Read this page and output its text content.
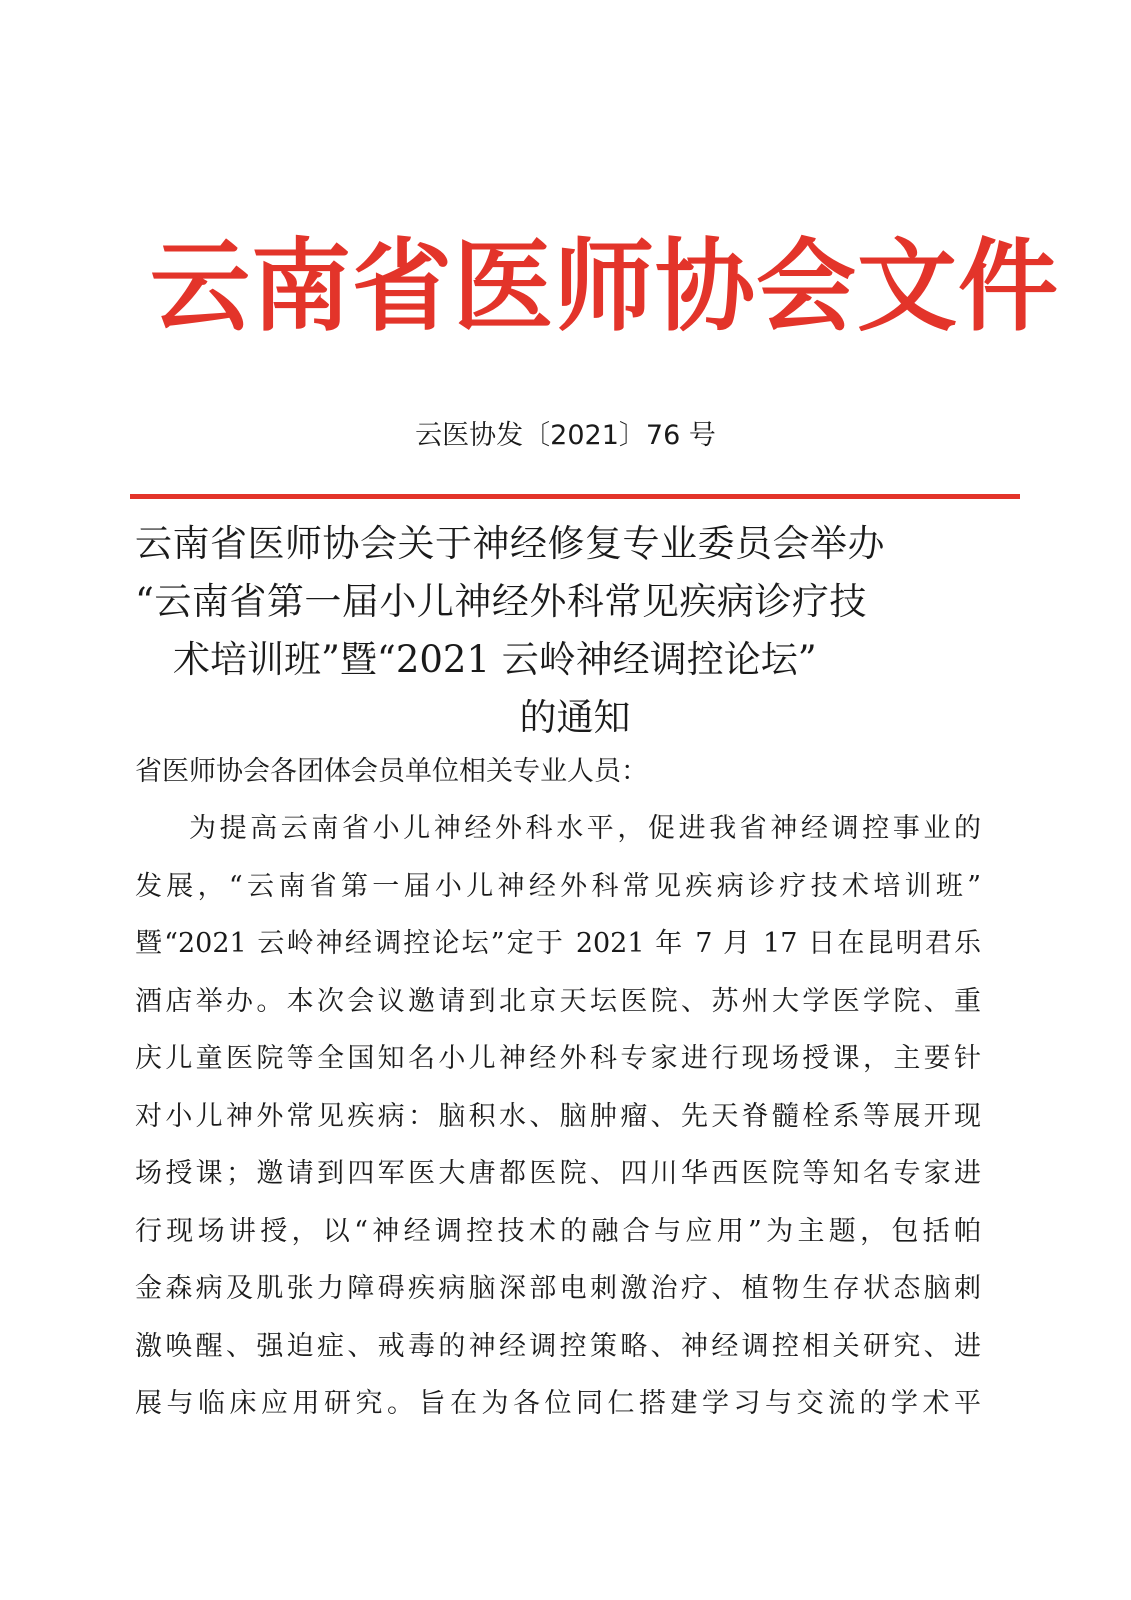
云南省医师协会文件
云医协发〔2021〕76 号
云南省医师协会关于神经修复专业委员会举办
“云南省第一届小儿神经外科常见疾病诊疗技
术培训班”暨“2021 云岭神经调控论坛”
的通知
省医师协会各团体会员单位相关专业人员：
为提高云南省小儿神经外科水平，促进我省神经调控事业的
发展，“云南省第一届小儿神经外科常见疾病诊疗技术培训班”
暨“2021 云岭神经调控论坛”定于 2021 年 7 月 17 日在昆明君乐
酒店举办。本次会议邀请到北京天坛医院、苏州大学医学院、重
庆儿童医院等全国知名小儿神经外科专家进行现场授课，主要针
对小儿神外常见疾病：脑积水、脑肿瘤、先天脊髓栓系等展开现
场授课；邀请到四军医大唐都医院、四川华西医院等知名专家进
行现场讲授，以“神经调控技术的融合与应用”为主题，包括帕
金森病及肌张力障碍疾病脑深部电刺激治疗、植物生存状态脑刺
激唤醒、强迫症、戒毒的神经调控策略、神经调控相关研究、进
展与临床应用研究。旨在为各位同仁搭建学习与交流的学术平
